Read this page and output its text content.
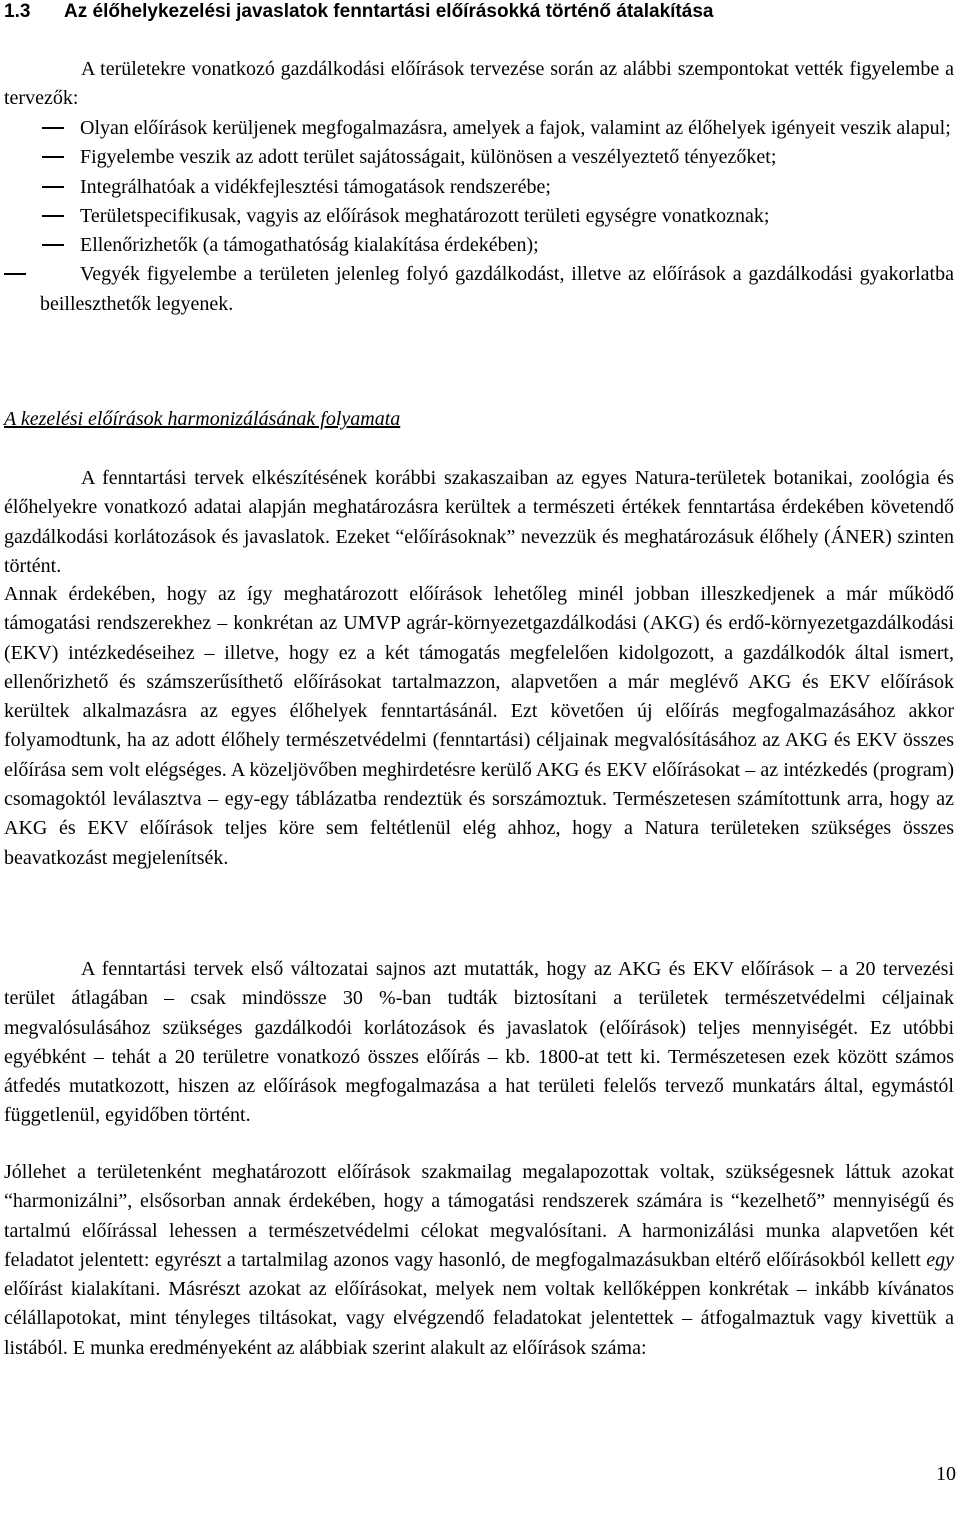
1.3 Az élőhelykezelési javaslatok fenntartási előírásokká történő átalakítása

A területekre vonatkozó gazdálkodási előírások tervezése során az alábbi szempontokat vették figyelembe a tervezők:

Olyan előírások kerüljenek megfogalmazásra, amelyek a fajok, valamint az élőhelyek igényeit veszik alapul;
Figyelembe veszik az adott terület sajátosságait, különösen a veszélyeztető tényezőket;
Integrálhatóak a vidékfejlesztési támogatások rendszerébe;
Területspecifikusak, vagyis az előírások meghatározott területi egységre vonatkoznak;
Ellenőrizhetők (a támogathatóság kialakítása érdekében);
Vegyék figyelembe a területen jelenleg folyó gazdálkodást, illetve az előírások a gazdálkodási gyakorlatba beilleszthetők legyenek.
A kezelési előírások harmonizálásának folyamata

A fenntartási tervek elkészítésének korábbi szakaszaiban az egyes Natura-területek botanikai, zoológia és élőhelyekre vonatkozó adatai alapján meghatározásra kerültek a természeti értékek fenntartása érdekében követendő gazdálkodási korlátozások és javaslatok. Ezeket “előírásoknak” nevezzük és meghatározásuk élőhely (ÁNER) szinten történt.

Annak érdekében, hogy az így meghatározott előírások lehetőleg minél jobban illeszkedjenek a már működő támogatási rendszerekhez – konkrétan az UMVP agrár-környezetgazdálkodási (AKG) és erdő-környezetgazdálkodási (EKV) intézkedéseihez – illetve, hogy ez a két támogatás megfelelően kidolgozott, a gazdálkodók által ismert, ellenőrizhető és számszerűsíthető előírásokat tartalmazzon, alapvetően a már meglévő AKG és EKV előírások kerültek alkalmazásra az egyes élőhelyek fenntartásánál. Ezt követően új előírás megfogalmazásához akkor folyamodtunk, ha az adott élőhely természetvédelmi (fenntartási) céljainak megvalósításához az AKG és EKV összes előírása sem volt elégséges. A közeljövőben meghirdetésre kerülő AKG és EKV előírásokat – az intézkedés (program) csomagoktól leválasztva – egy-egy táblázatba rendeztük és sorszámoztuk. Természetesen számítottunk arra, hogy az AKG és EKV előírások teljes köre sem feltétlenül elég ahhoz, hogy a Natura területeken szükséges összes beavatkozást megjelenítsék.

A fenntartási tervek első változatai sajnos azt mutatták, hogy az AKG és EKV előírások – a 20 tervezési terület átlagában – csak mindössze 30 %-ban tudták biztosítani a területek természetvédelmi céljainak megvalósulásához szükséges gazdálkodói korlátozások és javaslatok (előírások) teljes mennyiségét. Ez utóbbi egyébként – tehát a 20 területre vonatkozó összes előírás – kb. 1800-at tett ki. Természetesen ezek között számos átfedés mutatkozott, hiszen az előírások megfogalmazása a hat területi felelős tervező munkatárs által, egymástól függetlenül, egyidőben történt.

Jóllehet a területenként meghatározott előírások szakmailag megalapozottak voltak, szükségesnek láttuk azokat “harmonizálni”, elsősorban annak érdekében, hogy a támogatási rendszerek számára is “kezelhető” mennyiségű és tartalmú előírással lehessen a természetvédelmi célokat megvalósítani. A harmonizálási munka alapvetően két feladatot jelentett: egyrészt a tartalmilag azonos vagy hasonló, de megfogalmazásukban eltérő előírásokból kellett egy előírást kialakítani. Másrészt azokat az előírásokat, melyek nem voltak kellőképpen konkrétak – inkább kívánatos célállapotokat, mint tényleges tiltásokat, vagy elvégzendő feladatokat jelentettek – átfogalmaztuk vagy kivettük a listából. E munka eredményeként az alábbiak szerint alakult az előírások száma:

10
